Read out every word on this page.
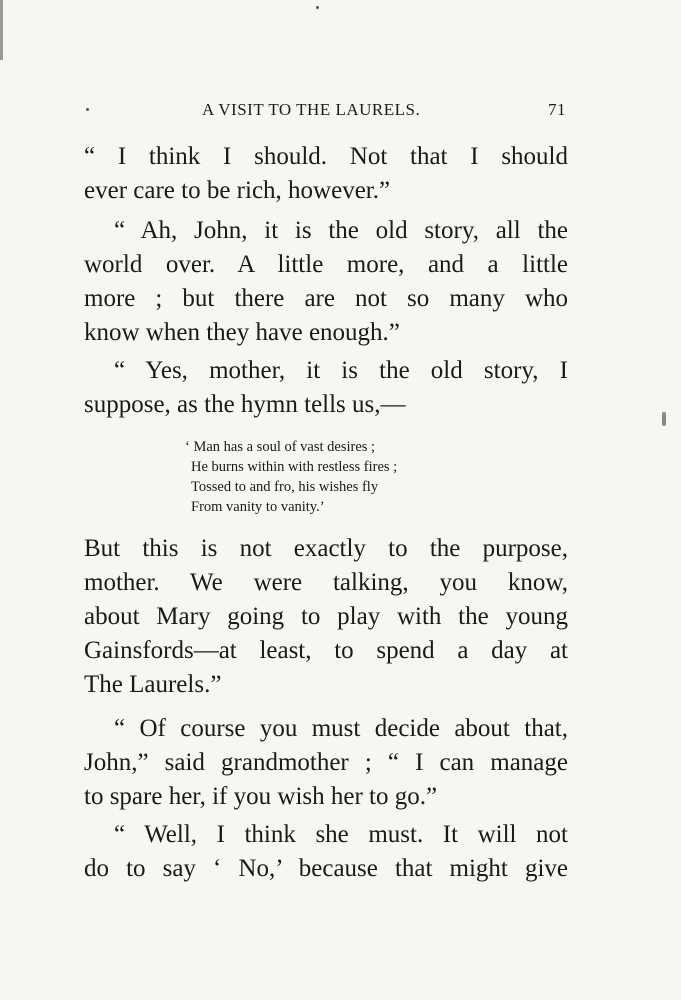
A VISIT TO THE LAURELS.	71
“ I think I should. Not that I should
ever care to be rich, however.”
“ Ah, John, it is the old story, all the
world over. A little more, and a little
more ; but there are not so many who
know when they have enough.”
“ Yes, mother, it is the old story, I
suppose, as the hymn tells us,—
‘ Man has a soul of vast desires ;
He burns within with restless fires ;
Tossed to and fro, his wishes fly
From vanity to vanity.’
But this is not exactly to the purpose,
mother. We were talking, you know,
about Mary going to play with the young
Gainsfords—at least, to spend a day at
The Laurels.”
“ Of course you must decide about that,
John,” said grandmother ; “ I can manage
to spare her, if you wish her to go.”
“ Well, I think she must. It will not
do to say ‘ No,’ because that might give
